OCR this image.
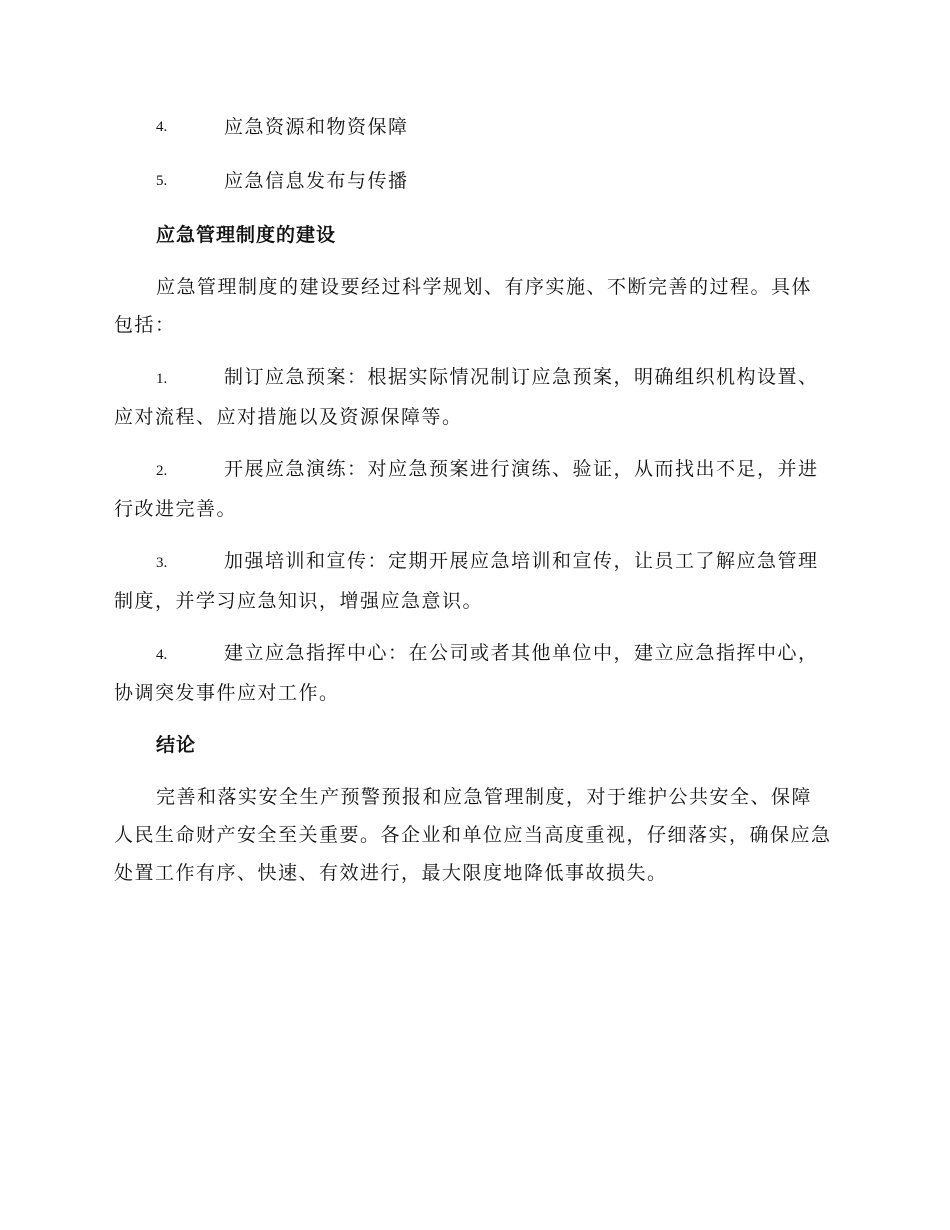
4.	应急资源和物资保障
5.	应急信息发布与传播
应急管理制度的建设
应急管理制度的建设要经过科学规划、有序实施、不断完善的过程。具体包括：
1.	制订应急预案：根据实际情况制订应急预案，明确组织机构设置、应对流程、应对措施以及资源保障等。
2.	开展应急演练：对应急预案进行演练、验证，从而找出不足，并进行改进完善。
3.	加强培训和宣传：定期开展应急培训和宣传，让员工了解应急管理制度，并学习应急知识，增强应急意识。
4.	建立应急指挥中心：在公司或者其他单位中，建立应急指挥中心，协调突发事件应对工作。
结论
完善和落实安全生产预警预报和应急管理制度，对于维护公共安全、保障人民生命财产安全至关重要。各企业和单位应当高度重视，仔细落实，确保应急处置工作有序、快速、有效进行，最大限度地降低事故损失。
